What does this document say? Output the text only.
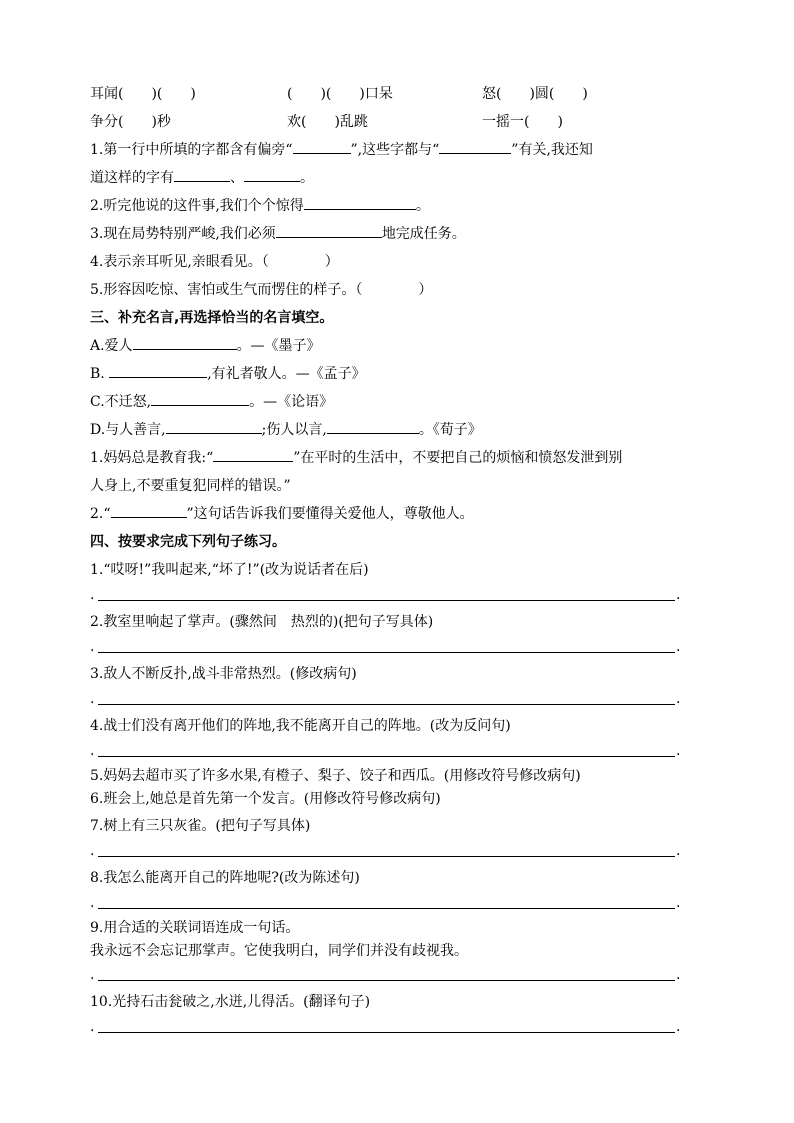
耳闻(　　)(　　)	(　　)(　　)口呆	怒(　　)圆(　　)
争分(　　)秒	欢(　　)乱跳	一摇一(　　)
1.第一行中所填的字都含有偏旁“	”,这些字都与“	”有关,我还知
道这样的字有	、	。
2.听完他说的这件事,我们个个惊得	。
3.现在局势特别严峻,我们必须	地完成任务。
4.表示亲耳听见,亲眼看见。（　　　　）
5.形容因吃惊、害怕或生气而愣住的样子。（　　　　）
三、补充名言,再选择恰当的名言填空。
A.爱人	。—《墨子》
B.	,有礼者敬人。—《孟子》
C.不迁怒,	。—《论语》
D.与人善言,	;伤人以言,	。《荀子》
1.妈妈总是教育我:“	”在平时的生活中，不要把自己的烦恼和愤怒发泄到别
人身上,不要重复犯同样的错误。”
2.“	”这句话告诉我们要懂得关爱他人，尊敬他人。
四、按要求完成下列句子练习。
1.“哎呀!”我叫起来,“坏了!”(改为说话者在后)
.	.
2.教室里响起了掌声。(骤然间　热烈的)(把句子写具体)
.	.
3.敌人不断反扑,战斗非常热烈。(修改病句)
.	.
4.战士们没有离开他们的阵地,我不能离开自己的阵地。(改为反问句)
.	.
5.妈妈去超市买了许多水果,有橙子、梨子、饺子和西瓜。(用修改符号修改病句)
6.班会上,她总是首先第一个发言。(用修改符号修改病句)
7.树上有三只灰雀。(把句子写具体)
.	.
8.我怎么能离开自己的阵地呢?(改为陈述句)
.	.
9.用合适的关联词语连成一句话。
我永远不会忘记那掌声。它使我明白，同学们并没有歧视我。
.	.
10.光持石击瓮破之,水迸,儿得活。(翻译句子)
.	.
